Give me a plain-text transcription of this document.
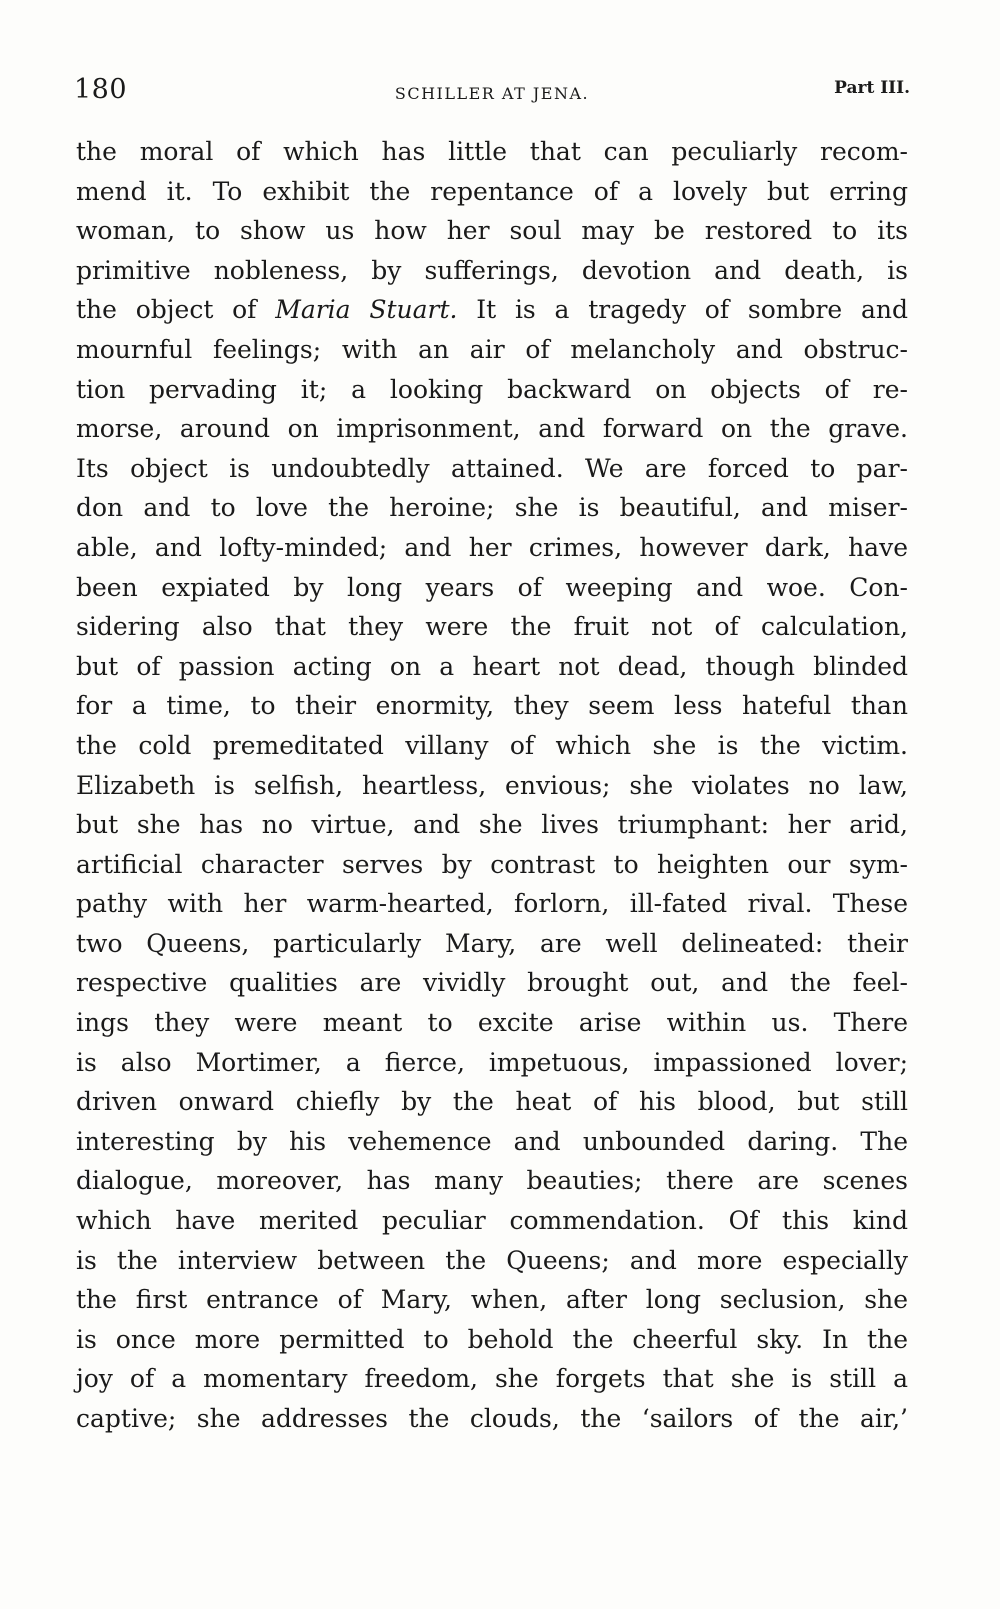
180	SCHILLER AT JENA.	Part III.
the moral of which has little that can peculiarly recom-
mend it. To exhibit the repentance of a lovely but erring
woman, to show us how her soul may be restored to its
primitive nobleness, by sufferings, devotion and death, is
the object of Maria Stuart. It is a tragedy of sombre and
mournful feelings; with an air of melancholy and obstruc-
tion pervading it; a looking backward on objects of re-
morse, around on imprisonment, and forward on the grave.
Its object is undoubtedly attained. We are forced to par-
don and to love the heroine; she is beautiful, and miser-
able, and lofty-minded; and her crimes, however dark, have
been expiated by long years of weeping and woe. Con-
sidering also that they were the fruit not of calculation,
but of passion acting on a heart not dead, though blinded
for a time, to their enormity, they seem less hateful than
the cold premeditated villany of which she is the victim.
Elizabeth is selfish, heartless, envious; she violates no law,
but she has no virtue, and she lives triumphant: her arid,
artificial character serves by contrast to heighten our sym-
pathy with her warm-hearted, forlorn, ill-fated rival. These
two Queens, particularly Mary, are well delineated: their
respective qualities are vividly brought out, and the feel-
ings they were meant to excite arise within us. There
is also Mortimer, a fierce, impetuous, impassioned lover;
driven onward chiefly by the heat of his blood, but still
interesting by his vehemence and unbounded daring. The
dialogue, moreover, has many beauties; there are scenes
which have merited peculiar commendation. Of this kind
is the interview between the Queens; and more especially
the first entrance of Mary, when, after long seclusion, she
is once more permitted to behold the cheerful sky. In the
joy of a momentary freedom, she forgets that she is still a
captive; she addresses the clouds, the ‘sailors of the air,’
